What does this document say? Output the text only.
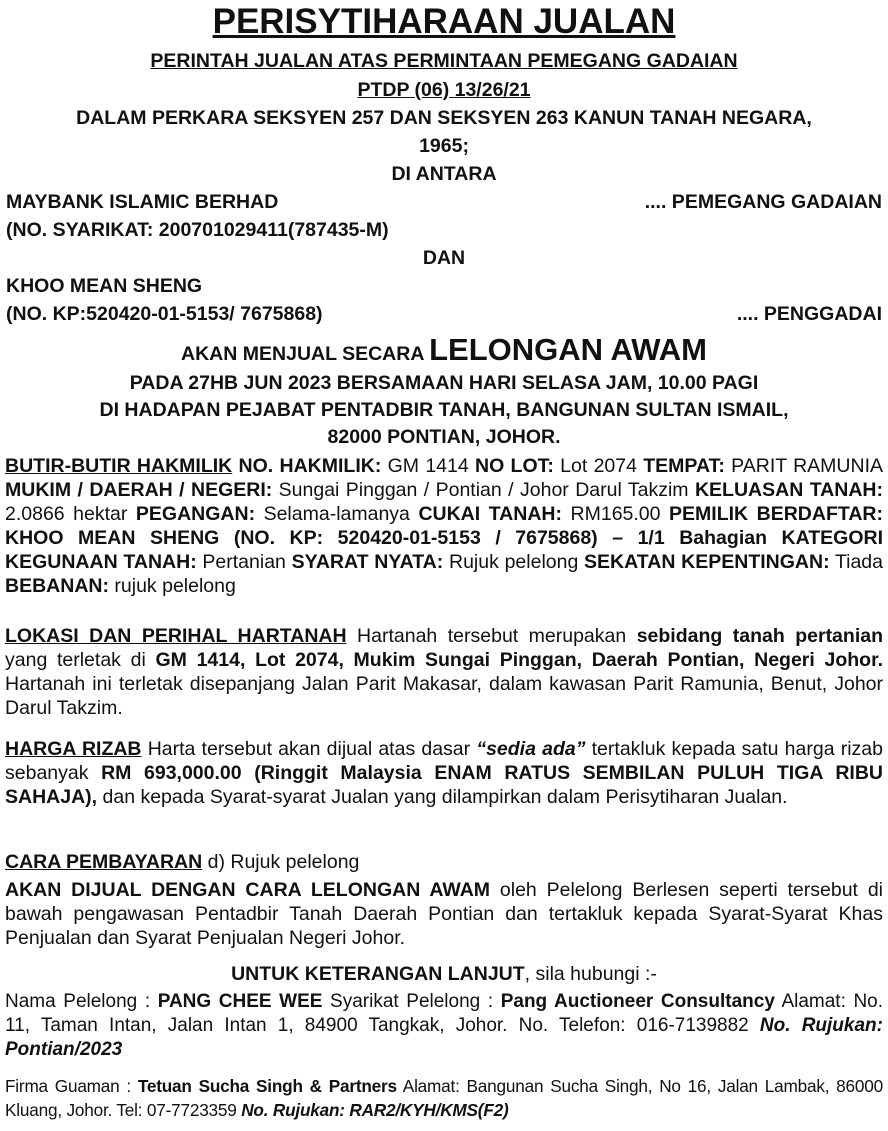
PERISYTIHARAAN JUALAN
PERINTAH JUALAN ATAS PERMINTAAN PEMEGANG GADAIAN
PTDP (06) 13/26/21
DALAM PERKARA SEKSYEN 257 DAN SEKSYEN 263 KANUN TANAH NEGARA,
1965;
DI ANTARA
MAYBANK ISLAMIC BERHAD	.... PEMEGANG GADAIAN
(NO. SYARIKAT: 200701029411(787435-M)
DAN
KHOO MEAN SHENG
(NO. KP:520420-01-5153/ 7675868)	.... PENGGADAI
AKAN MENJUAL SECARA LELONGAN AWAM
PADA 27HB JUN 2023 BERSAMAAN HARI SELASA JAM, 10.00 PAGI
DI HADAPAN PEJABAT PENTADBIR TANAH, BANGUNAN SULTAN ISMAIL,
82000 PONTIAN, JOHOR.

BUTIR-BUTIR HAKMILIK NO. HAKMILIK: GM 1414 NO LOT: Lot 2074 TEMPAT: PARIT RAMUNIA MUKIM / DAERAH / NEGERI: Sungai Pinggan / Pontian / Johor Darul Takzim KELUASAN TANAH: 2.0866 hektar PEGANGAN: Selama-lamanya CUKAI TANAH: RM165.00 PEMILIK BERDAFTAR: KHOO MEAN SHENG (NO. KP: 520420-01-5153 / 7675868) – 1/1 Bahagian KATEGORI KEGUNAAN TANAH: Pertanian SYARAT NYATA: Rujuk pelelong SEKATAN KEPENTINGAN: Tiada BEBANAN: rujuk pelelong

LOKASI DAN PERIHAL HARTANAH Hartanah tersebut merupakan sebidang tanah pertanian yang terletak di GM 1414, Lot 2074, Mukim Sungai Pinggan, Daerah Pontian, Negeri Johor. Hartanah ini terletak disepanjang Jalan Parit Makasar, dalam kawasan Parit Ramunia, Benut, Johor Darul Takzim.

HARGA RIZAB Harta tersebut akan dijual atas dasar “sedia ada” tertakluk kepada satu harga rizab sebanyak RM 693,000.00 (Ringgit Malaysia ENAM RATUS SEMBILAN PULUH TIGA RIBU SAHAJA), dan kepada Syarat-syarat Jualan yang dilampirkan dalam Perisytiharan Jualan.

CARA PEMBAYARAN d) Rujuk pelelong

AKAN DIJUAL DENGAN CARA LELONGAN AWAM oleh Pelelong Berlesen seperti tersebut di bawah pengawasan Pentadbir Tanah Daerah Pontian dan tertakluk kepada Syarat-Syarat Khas Penjualan dan Syarat Penjualan Negeri Johor.

UNTUK KETERANGAN LANJUT, sila hubungi :-

Nama Pelelong : PANG CHEE WEE Syarikat Pelelong : Pang Auctioneer Consultancy Alamat: No. 11, Taman Intan, Jalan Intan 1, 84900 Tangkak, Johor. No. Telefon: 016-7139882 No. Rujukan: Pontian/2023

Firma Guaman : Tetuan Sucha Singh & Partners Alamat: Bangunan Sucha Singh, No 16, Jalan Lambak, 86000 Kluang, Johor. Tel: 07-7723359 No. Rujukan: RAR2/KYH/KMS(F2)
